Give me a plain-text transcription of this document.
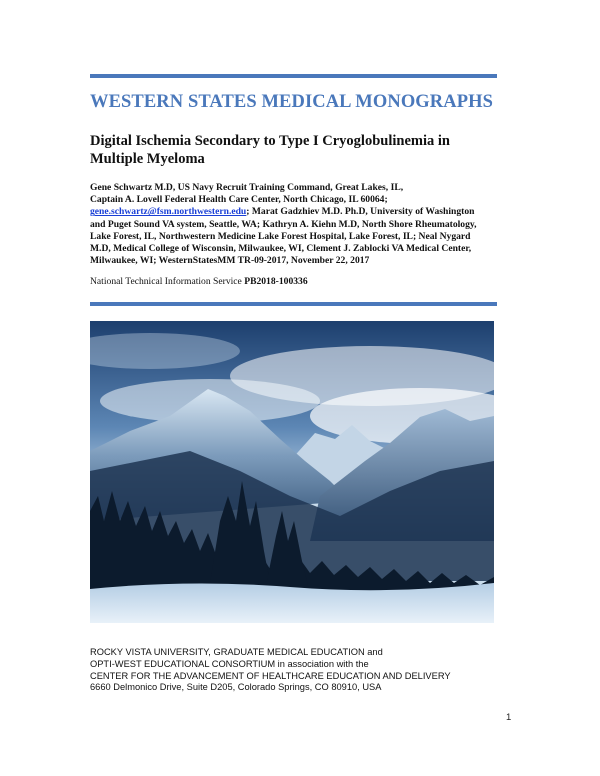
WESTERN STATES MEDICAL MONOGRAPHS
Digital Ischemia Secondary to Type I Cryoglobulinemia in
Multiple Myeloma
Gene Schwartz M.D, US Navy Recruit Training Command, Great Lakes, IL,
Captain A. Lovell Federal Health Care Center, North Chicago, IL 60064;
gene.schwartz@fsm.northwestern.edu; Marat Gadzhiev M.D. Ph.D, University of Washington
and Puget Sound VA system, Seattle, WA; Kathryn A. Kiehn M.D, North Shore Rheumatology,
Lake Forest, IL, Northwestern Medicine Lake Forest Hospital, Lake Forest, IL; Neal Nygard
M.D, Medical College of Wisconsin, Milwaukee, WI, Clement J. Zablocki VA Medical Center,
Milwaukee, WI; WesternStatesMM TR-09-2017, November 22, 2017
National Technical Information Service PB2018-100336
ROCKY VISTA UNIVERSITY, GRADUATE MEDICAL EDUCATION and
OPTI-WEST EDUCATIONAL CONSORTIUM in association with the
CENTER FOR THE ADVANCEMENT OF HEALTHCARE EDUCATION AND DELIVERY
6660 Delmonico Drive, Suite D205, Colorado Springs, CO 80910, USA
1
